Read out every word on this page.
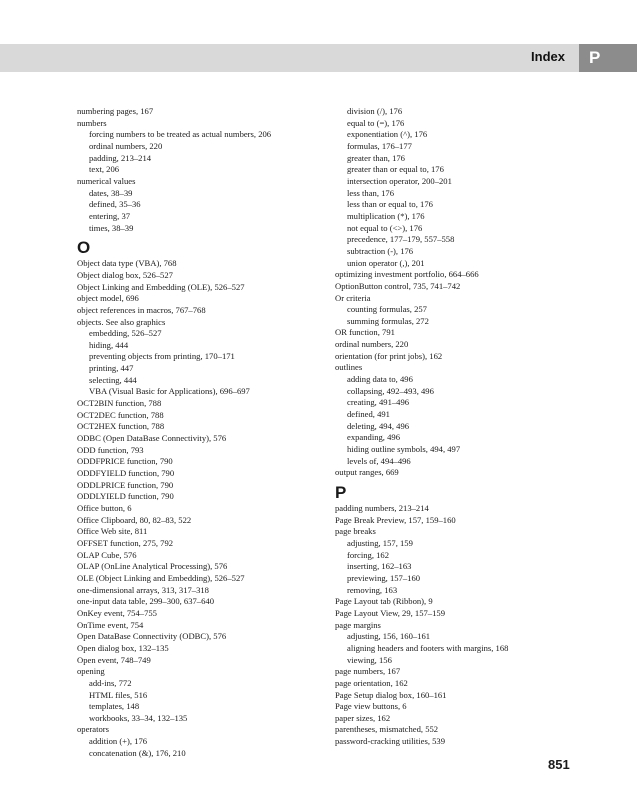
Index	P
numbering pages, 167
numbers
forcing numbers to be treated as actual numbers, 206
ordinal numbers, 220
padding, 213–214
text, 206
numerical values
dates, 38–39
defined, 35–36
entering, 37
times, 38–39
O
Object data type (VBA), 768
Object dialog box, 526–527
Object Linking and Embedding (OLE), 526–527
object model, 696
object references in macros, 767–768
objects. See also graphics
embedding, 526–527
hiding, 444
preventing objects from printing, 170–171
printing, 447
selecting, 444
VBA (Visual Basic for Applications), 696–697
OCT2BIN function, 788
OCT2DEC function, 788
OCT2HEX function, 788
ODBC (Open DataBase Connectivity), 576
ODD function, 793
ODDFPRICE function, 790
ODDFYIELD function, 790
ODDLPRICE function, 790
ODDLYIELD function, 790
Office button, 6
Office Clipboard, 80, 82–83, 522
Office Web site, 811
OFFSET function, 275, 792
OLAP Cube, 576
OLAP (OnLine Analytical Processing), 576
OLE (Object Linking and Embedding), 526–527
one-dimensional arrays, 313, 317–318
one-input data table, 299–300, 637–640
OnKey event, 754–755
OnTime event, 754
Open DataBase Connectivity (ODBC), 576
Open dialog box, 132–135
Open event, 748–749
opening
add-ins, 772
HTML files, 516
templates, 148
workbooks, 33–34, 132–135
operators
addition (+), 176
concatenation (&), 176, 210
division (/), 176
equal to (=), 176
exponentiation (^), 176
formulas, 176–177
greater than, 176
greater than or equal to, 176
intersection operator, 200–201
less than, 176
less than or equal to, 176
multiplication (*), 176
not equal to (<>), 176
precedence, 177–179, 557–558
subtraction (-), 176
union operator (,), 201
optimizing investment portfolio, 664–666
OptionButton control, 735, 741–742
Or criteria
counting formulas, 257
summing formulas, 272
OR function, 791
ordinal numbers, 220
orientation (for print jobs), 162
outlines
adding data to, 496
collapsing, 492–493, 496
creating, 491–496
defined, 491
deleting, 494, 496
expanding, 496
hiding outline symbols, 494, 497
levels of, 494–496
output ranges, 669
P
padding numbers, 213–214
Page Break Preview, 157, 159–160
page breaks
adjusting, 157, 159
forcing, 162
inserting, 162–163
previewing, 157–160
removing, 163
Page Layout tab (Ribbon), 9
Page Layout View, 29, 157–159
page margins
adjusting, 156, 160–161
aligning headers and footers with margins, 168
viewing, 156
page numbers, 167
page orientation, 162
Page Setup dialog box, 160–161
Page view buttons, 6
paper sizes, 162
parentheses, mismatched, 552
password-cracking utilities, 539
851
